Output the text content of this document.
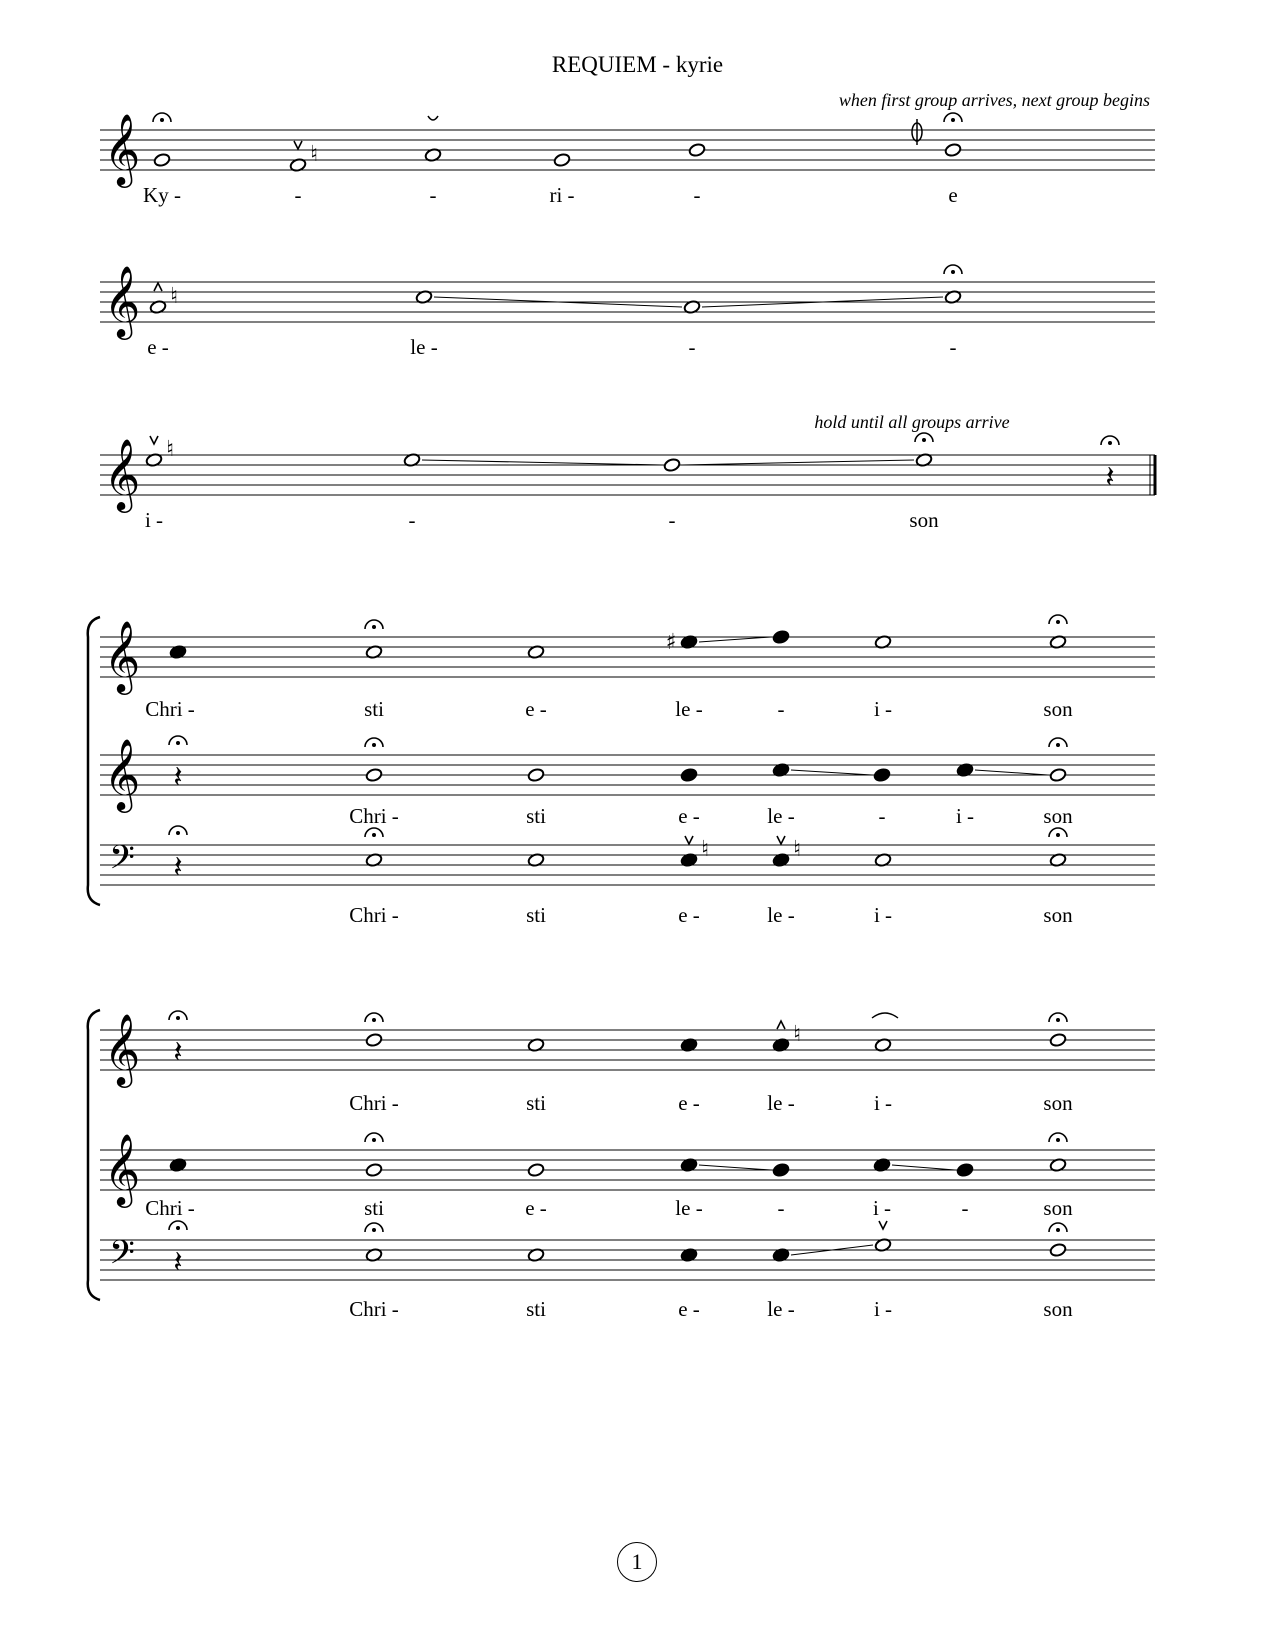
REQUIEM - kyrie
𝄞
Ky -
♮
-	-	ri -	-	e
𝄞 ♮
e -	le -	-	-
𝄞 ♮
i -	-	-	son
𝄽
𝄞
Chri -	sti	e -
♯
le -	-	i -	son
𝄞 𝄽
Chri -	sti	e -	le -	-	i -	son
𝄢 𝄽
Chri -	sti
♮
e -
♮
le -	i -	son
𝄞 𝄽
Chri -	sti	e -
♮
le -	i -	son
𝄞
Chri -	sti	e -	le -	-	i -	-	son
𝄢 𝄽
Chri -	sti	e -	le -	i -	son
when first group arrives, next group begins
hold until all groups arrive
1
